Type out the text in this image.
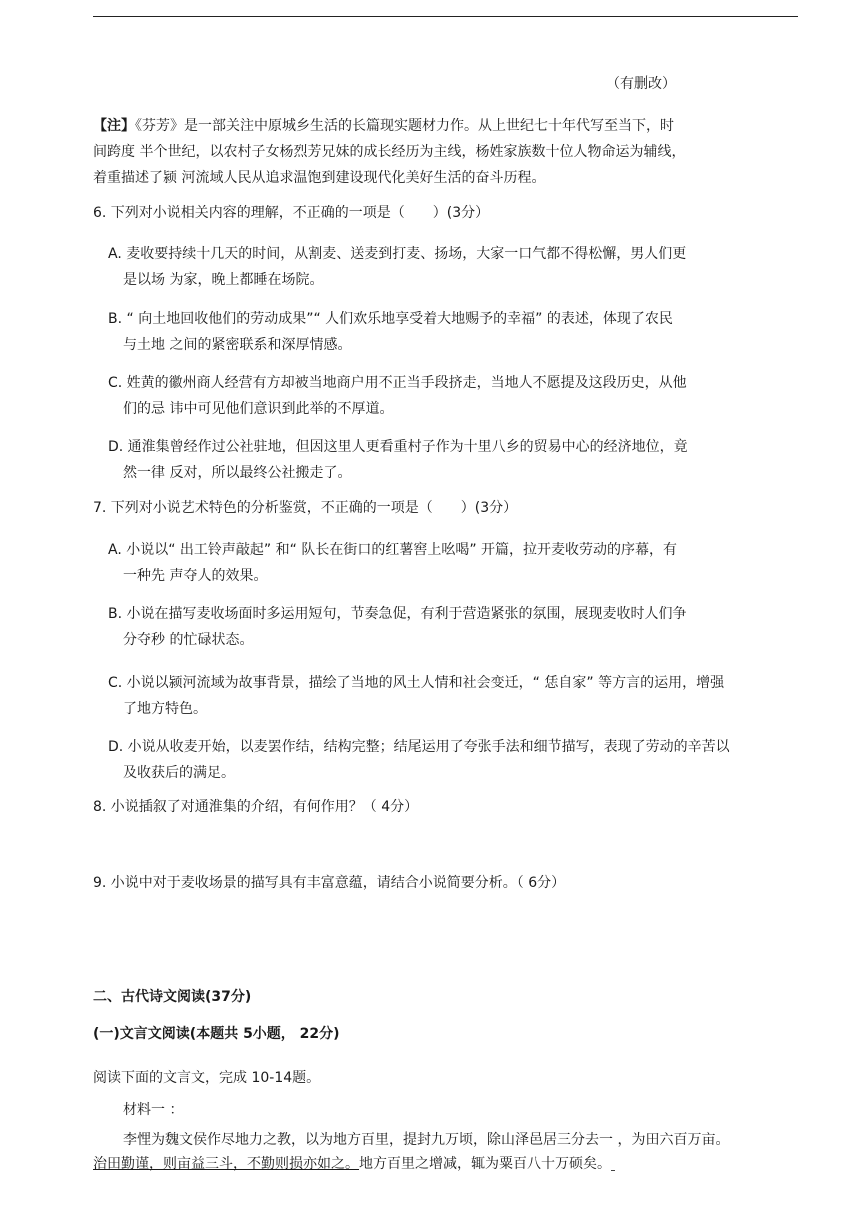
（有删改）
【注】《芬芳》是一部关注中原城乡生活的长篇现实题材力作。从上世纪七十年代写至当下，时
间跨度 半个世纪，以农村子女杨烈芳兄妹的成长经历为主线，杨姓家族数十位人物命运为辅线，
着重描述了颍 河流域人民从追求温饱到建设现代化美好生活的奋斗历程。
6. 下列对小说相关内容的理解，不正确的一项是（　　）(3分）
A. 麦收要持续十几天的时间，从割麦、送麦到打麦、扬场，大家一口气都不得松懈，男人们更
是以场 为家，晚上都睡在场院。
B. “ 向土地回收他们的劳动成果”“ 人们欢乐地享受着大地赐予的幸福” 的表述，体现了农民
与土地 之间的紧密联系和深厚情感。
C. 姓黄的徽州商人经营有方却被当地商户用不正当手段挤走，当地人不愿提及这段历史，从他
们的忌 讳中可见他们意识到此举的不厚道。
D. 通淮集曾经作过公社驻地，但因这里人更看重村子作为十里八乡的贸易中心的经济地位，竟
然一律 反对，所以最终公社搬走了。
7. 下列对小说艺术特色的分析鉴赏，不正确的一项是（　　）(3分）
A. 小说以“ 出工铃声敲起” 和“ 队长在街口的红薯窖上吆喝” 开篇，拉开麦收劳动的序幕，有
一种先 声夺人的效果。
B. 小说在描写麦收场面时多运用短句，节奏急促，有利于营造紧张的氛围，展现麦收时人们争
分夺秒 的忙碌状态。
C. 小说以颍河流域为故事背景，描绘了当地的风土人情和社会变迁，“ 恁自家” 等方言的运用，增强
了地方特色。
D. 小说从收麦开始，以麦罢作结，结构完整；结尾运用了夸张手法和细节描写，表现了劳动的辛苦以
及收获后的满足。
8. 小说插叙了对通淮集的介绍，有何作用？（ 4分）
9. 小说中对于麦收场景的描写具有丰富意蕴，请结合小说简要分析。（ 6分）
二、古代诗文阅读(37分)
(一)文言文阅读(本题共 5小题， 22分)
阅读下面的文言文，完成 10-14题。
材料一 ：
李悝为魏文侯作尽地力之教，以为地方百里，提封九万顷，除山泽邑居三分去一 ，为田六百万亩。
治田勤谨，则亩益三斗，不勤则损亦如之。地方百里之增减，辄为粟百八十万硕矣。
